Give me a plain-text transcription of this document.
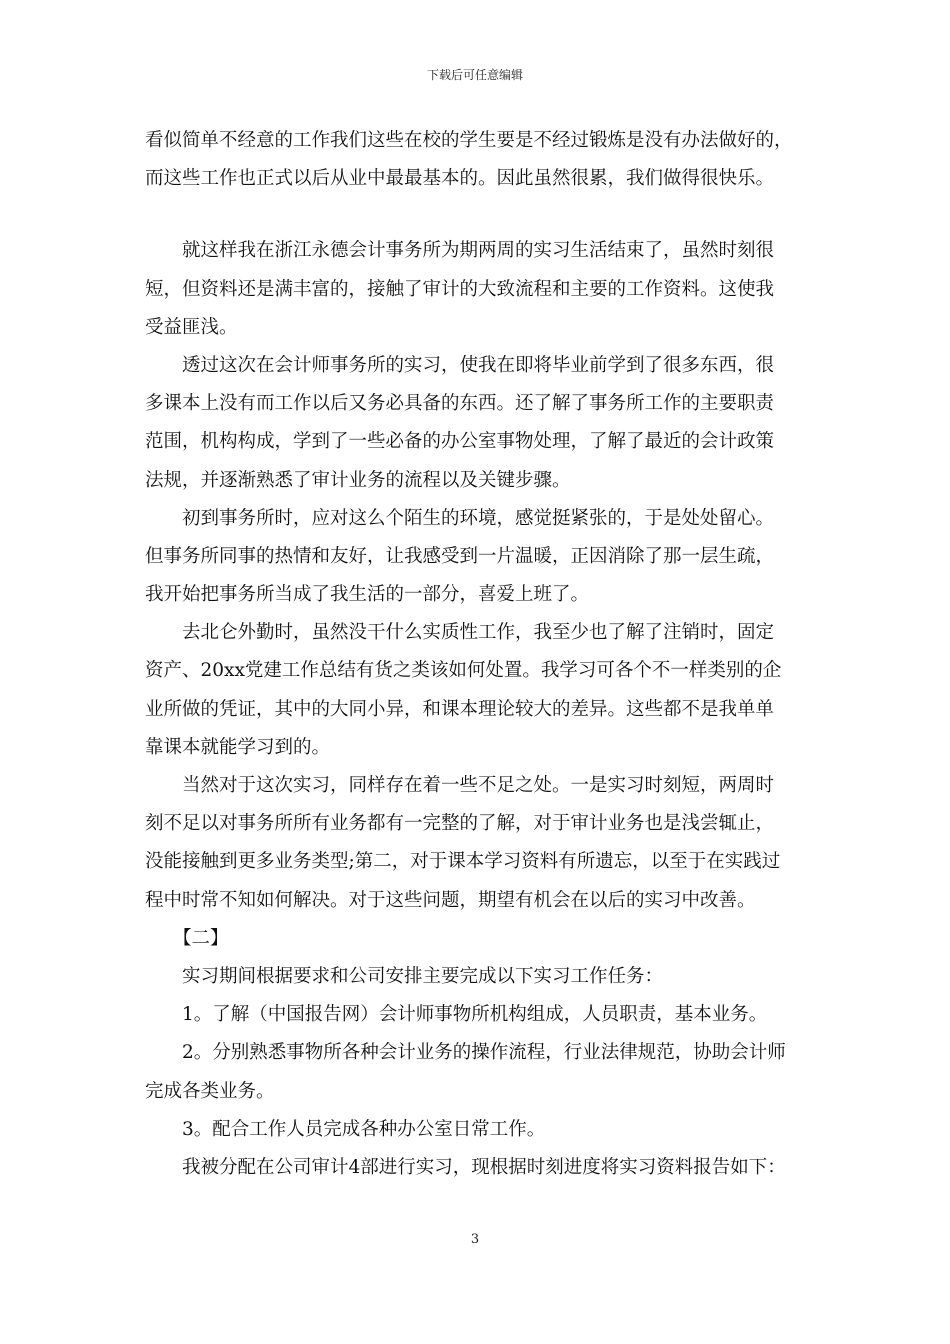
下载后可任意编辑
看似简单不经意的工作我们这些在校的学生要是不经过锻炼是没有办法做好的，
而这些工作也正式以后从业中最最基本的。因此虽然很累，我们做得很快乐。
就这样我在浙江永德会计事务所为期两周的实习生活结束了，虽然时刻很
短，但资料还是满丰富的，接触了审计的大致流程和主要的工作资料。这使我
受益匪浅。
透过这次在会计师事务所的实习，使我在即将毕业前学到了很多东西，很
多课本上没有而工作以后又务必具备的东西。还了解了事务所工作的主要职责
范围，机构构成，学到了一些必备的办公室事物处理，了解了最近的会计政策
法规，并逐渐熟悉了审计业务的流程以及关键步骤。
初到事务所时，应对这么个陌生的环境，感觉挺紧张的，于是处处留心。
但事务所同事的热情和友好，让我感受到一片温暖，正因消除了那一层生疏，
我开始把事务所当成了我生活的一部分，喜爱上班了。
去北仑外勤时，虽然没干什么实质性工作，我至少也了解了注销时，固定
资产、20xx党建工作总结有货之类该如何处置。我学习可各个不一样类别的企
业所做的凭证，其中的大同小异，和课本理论较大的差异。这些都不是我单单
靠课本就能学习到的。
当然对于这次实习，同样存在着一些不足之处。一是实习时刻短，两周时
刻不足以对事务所所有业务都有一完整的了解，对于审计业务也是浅尝辄止，
没能接触到更多业务类型;第二，对于课本学习资料有所遗忘，以至于在实践过
程中时常不知如何解决。对于这些问题，期望有机会在以后的实习中改善。
【二】
实习期间根据要求和公司安排主要完成以下实习工作任务：
1。了解（中国报告网）会计师事物所机构组成，人员职责，基本业务。
2。分别熟悉事物所各种会计业务的操作流程，行业法律规范，协助会计师
完成各类业务。
3。配合工作人员完成各种办公室日常工作。
我被分配在公司审计4部进行实习，现根据时刻进度将实习资料报告如下：
3
